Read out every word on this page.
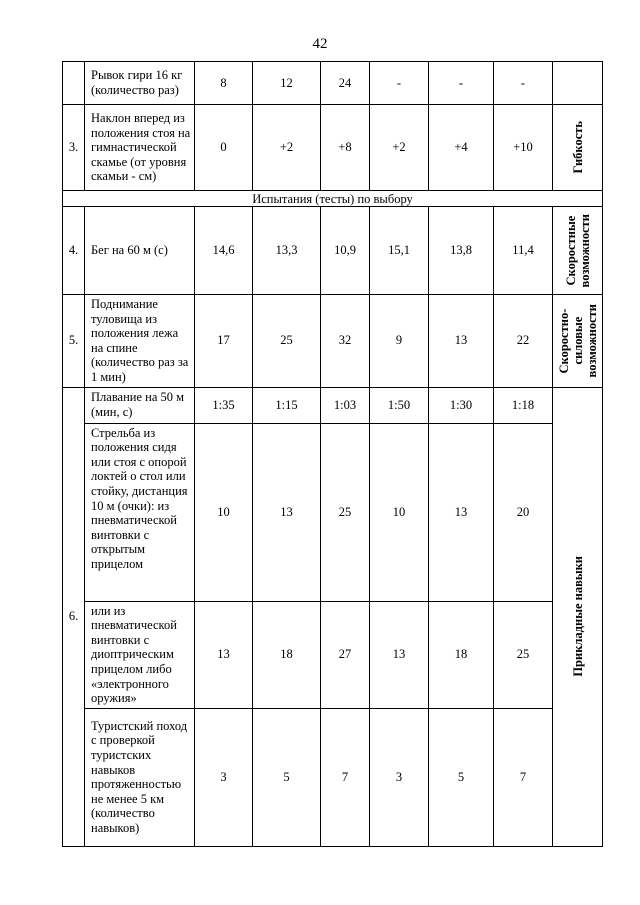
42
	Рывок гири 16 кг (количество раз)	8	12	24	-	-	-	
3.	Наклон вперед из положения стоя на гимнастической скамье (от уровня скамьи - см)	0	+2	+8	+2	+4	+10	Гибкость

Испытания (тесты) по выбору								
4.	Бег на 60 м (с)	14,6	13,3	10,9	15,1	13,8	11,4	Скоростные
возможности

5.	Поднимание туловища из положения лежа на спине (количество раз за 1 мин)	17	25	32	9	13	22	Скоростно-
силовые
возможности

6.	Плавание на 50 м (мин, с)	1:35	1:15	1:03	1:50	1:30	1:18	Прикладные навыки

	Стрельба из положения сидя или стоя с опорой локтей о стол или стойку, дистанция 10 м (очки): из пневматической винтовки с открытым прицелом	10	13	25	10	13	20	
	или из пневматической винтовки с диоптрическим прицелом либо «электронного оружия»	13	18	27	13	18	25	
	Туристский поход с проверкой туристских навыков протяженностью не менее 5 км (количество навыков)	3	5	7	3	5	7	
